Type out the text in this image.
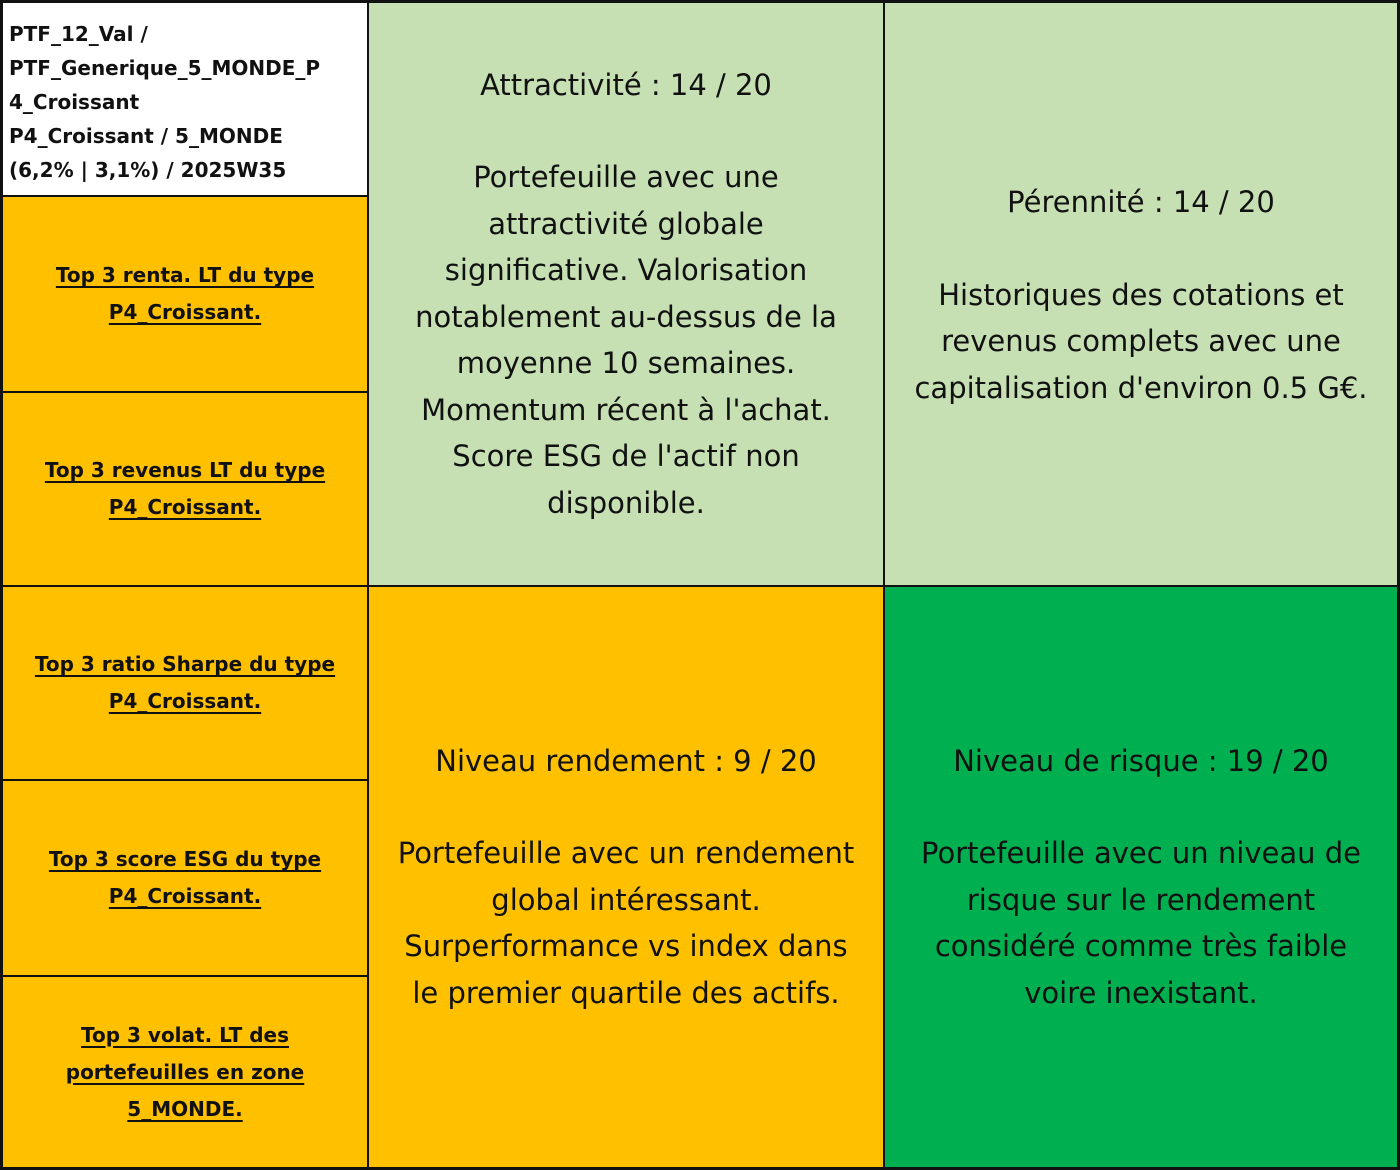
PTF_12_Val /
PTF_Generique_5_MONDE_P
4_Croissant
P4_Croissant / 5_MONDE
(6,2% | 3,1%) / 2025W35
Top 3 renta. LT du type
P4_Croissant.
Top 3 revenus LT du type
P4_Croissant.
Top 3 ratio Sharpe du type
P4_Croissant.
Top 3 score ESG du type
P4_Croissant.
Top 3 volat. LT des
portefeuilles en zone
5_MONDE.
Attractivité : 14 / 20
Portefeuille avec une
attractivité globale
significative. Valorisation
notablement au-dessus de la
moyenne 10 semaines.
Momentum récent à l'achat.
Score ESG de l'actif non
disponible.
Pérennité : 14 / 20
Historiques des cotations et
revenus complets avec une
capitalisation d'environ 0.5 G€.
Niveau rendement : 9 / 20
Portefeuille avec un rendement
global intéressant.
Surperformance vs index dans
le premier quartile des actifs.
Niveau de risque : 19 / 20
Portefeuille avec un niveau de
risque sur le rendement
considéré comme très faible
voire inexistant.
